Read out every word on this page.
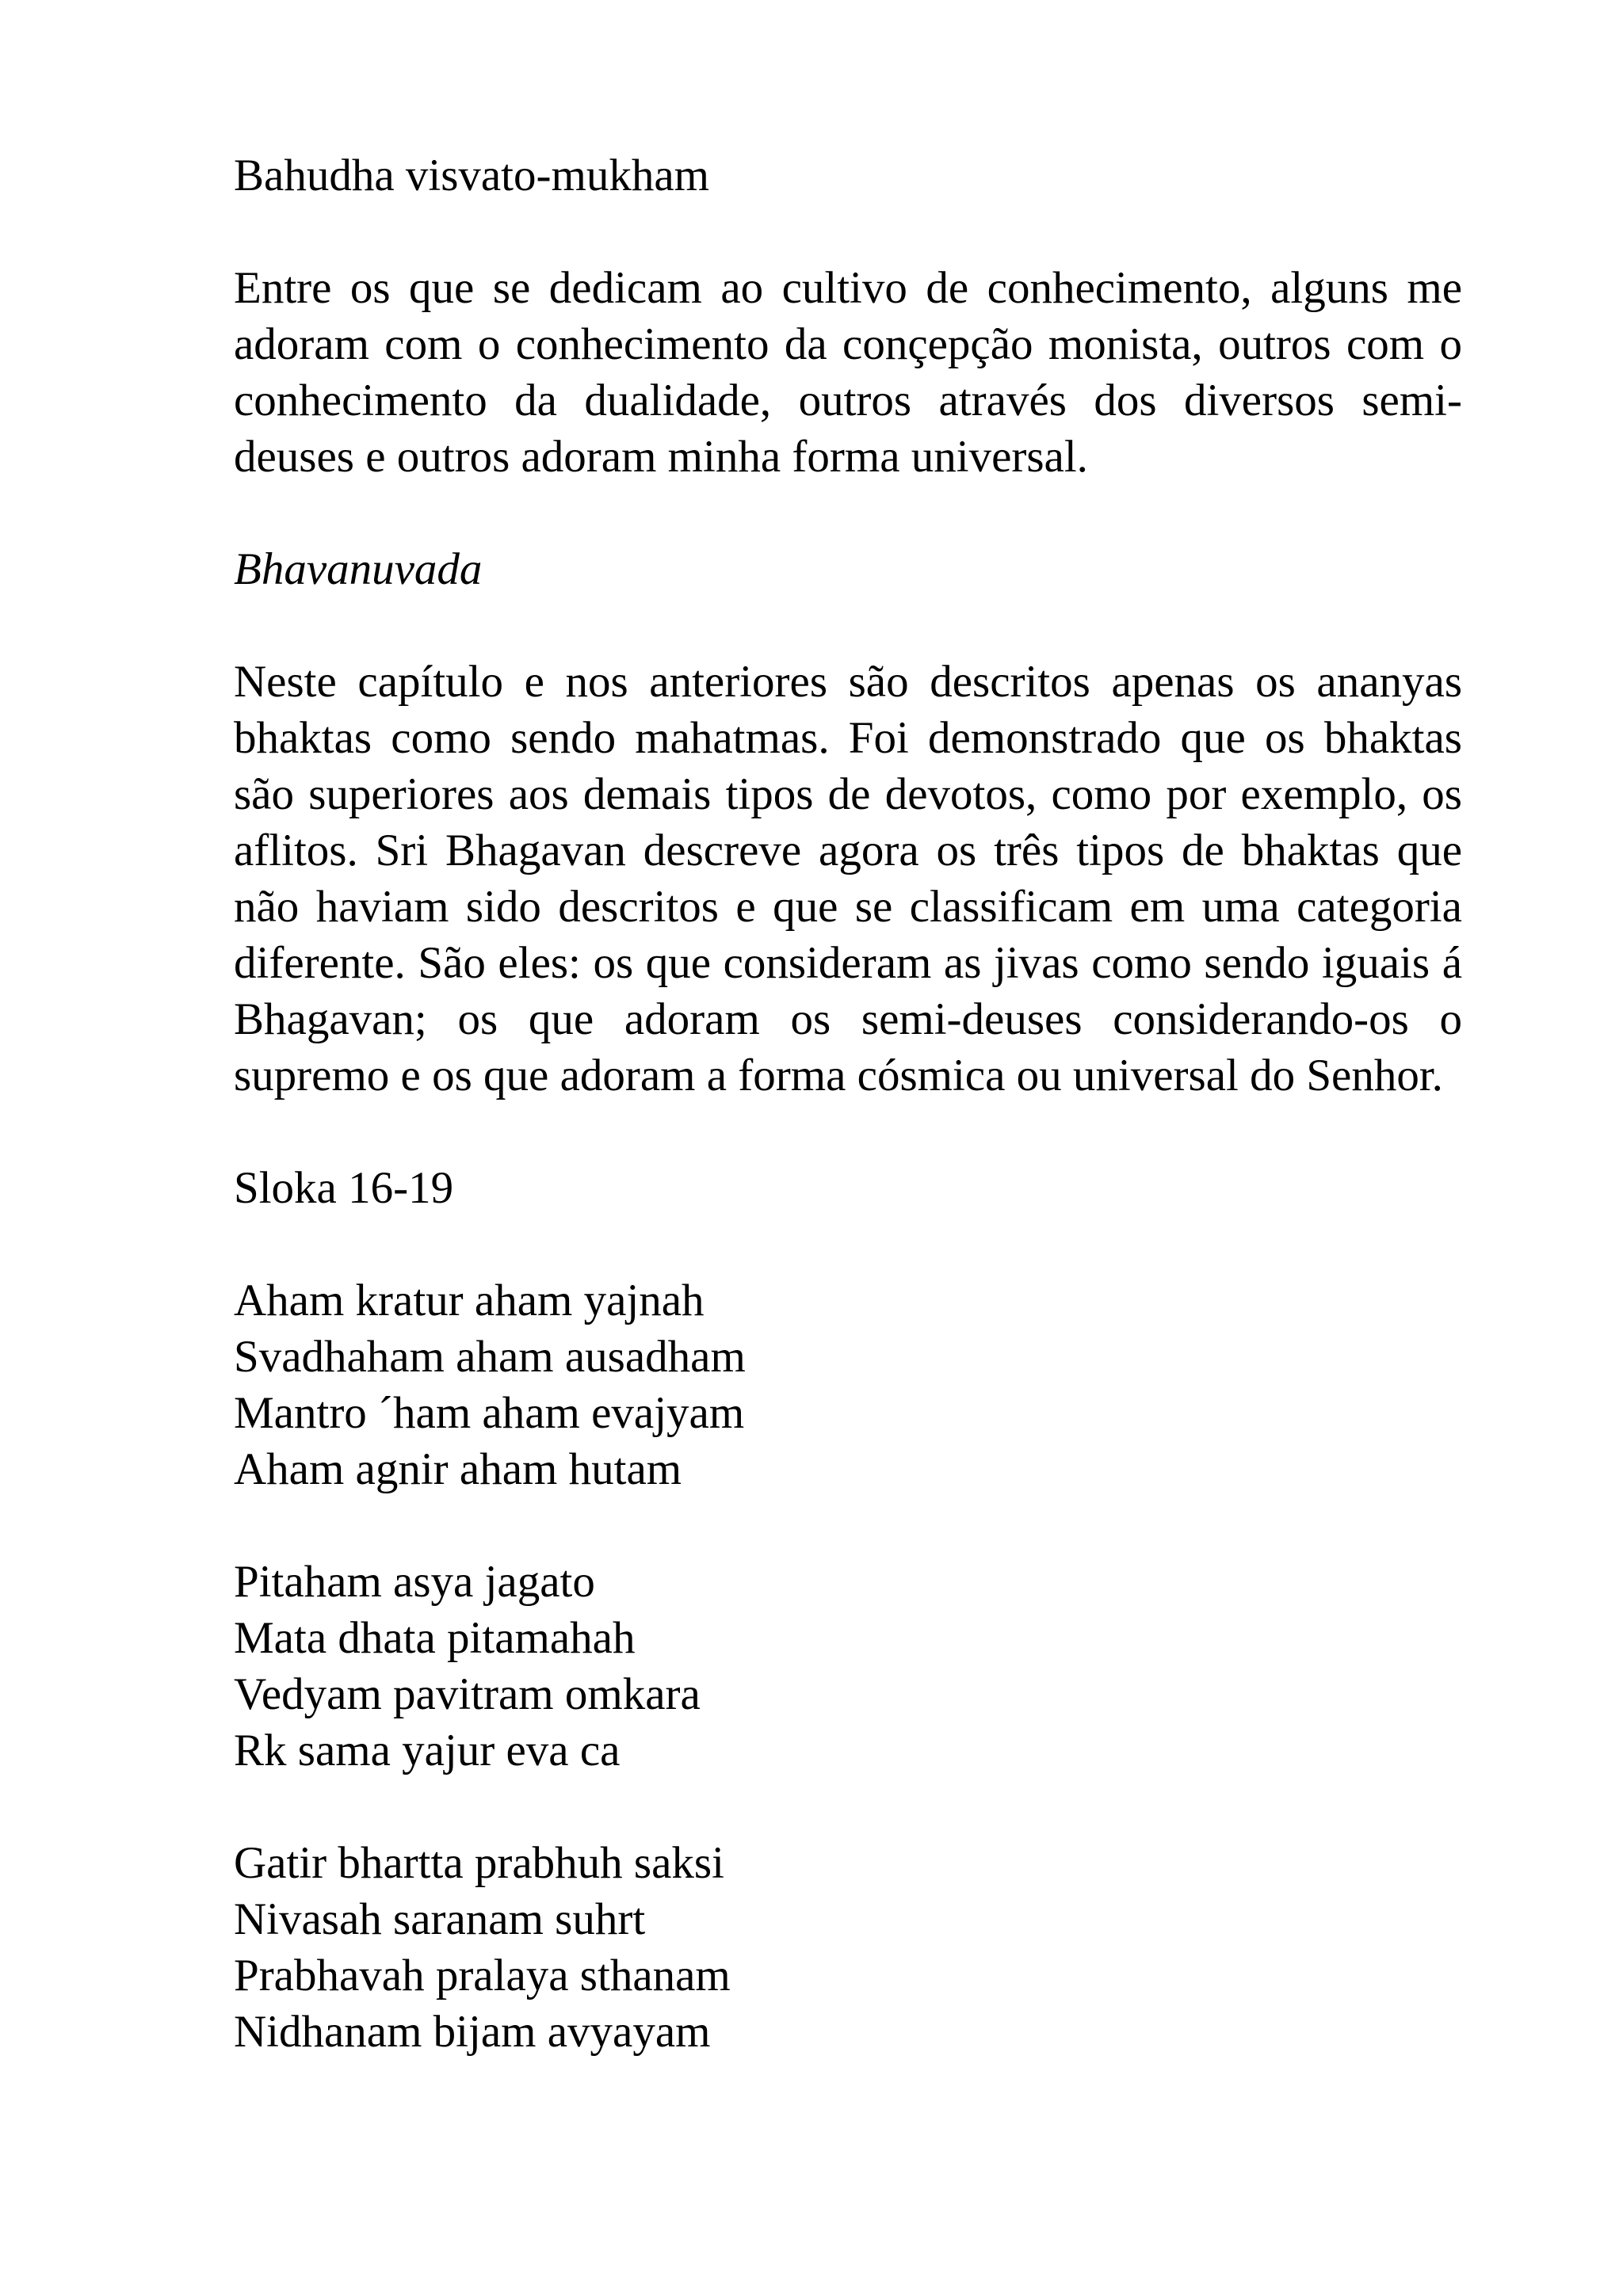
Bahudha visvato-mukham

Entre os que se dedicam ao cultivo de conhecimento, alguns me adoram com o conhecimento da conçepção monista, outros com o conhecimento da dualidade, outros através dos diversos semi-deuses e outros adoram minha forma universal.

Bhavanuvada

Neste capítulo e nos anteriores são descritos apenas os ananyas bhaktas como sendo mahatmas. Foi demonstrado que os bhaktas são superiores aos demais tipos de devotos, como por exemplo, os aflitos. Sri Bhagavan descreve agora os três tipos de bhaktas que não haviam sido descritos e que se classificam em uma categoria diferente. São eles: os que consideram as jivas como sendo iguais á Bhagavan; os que adoram os semi-deuses considerando-os o supremo e os que adoram a forma cósmica ou universal do Senhor.

Sloka 16-19

Aham kratur aham yajnah
Svadhaham aham ausadham
Mantro ´ham aham evajyam
Aham agnir aham hutam
Pitaham asya jagato
Mata dhata pitamahah
Vedyam pavitram omkara
Rk sama yajur eva ca
Gatir bhartta prabhuh saksi
Nivasah saranam suhrt
Prabhavah pralaya sthanam
Nidhanam bijam avyayam
